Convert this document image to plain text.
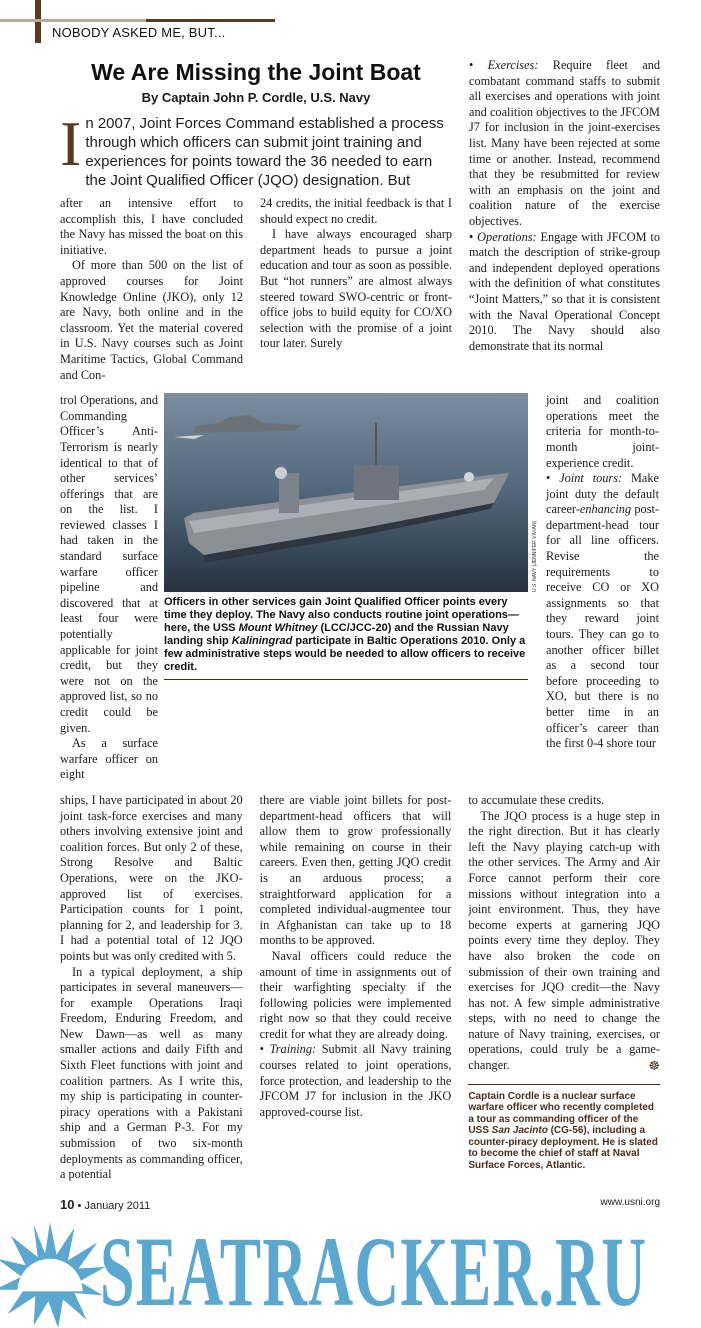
NOBODY ASKED ME, BUT...
We Are Missing the Joint Boat
By Captain John P. Cordle, U.S. Navy

In 2007, Joint Forces Command established a process through which officers can submit joint training and experiences for points toward the 36 needed to earn the Joint Qualified Officer (JQO) designation. But

after an intensive effort to accomplish this, I have concluded the Navy has missed the boat on this initiative.

Of more than 500 on the list of approved courses for Joint Knowledge Online (JKO), only 12 are Navy, both online and in the classroom. Yet the material covered in U.S. Navy courses such as Joint Maritime Tactics, Global Command and Con-

24 credits, the initial feedback is that I should expect no credit.

I have always encouraged sharp department heads to pursue a joint education and tour as soon as possible. But “hot runners” are almost always steered toward SWO-centric or front-office jobs to build equity for CO/XO selection with the promise of a joint tour later. Surely

• Exercises: Require fleet and combatant command staffs to submit all exercises and operations with joint and coalition objectives to the JFCOM J7 for inclusion in the joint-exercises list. Many have been rejected at some time or another. Instead, recommend that they be resubmitted for review with an emphasis on the joint and coalition nature of the exercise objectives.

• Operations: Engage with JFCOM to match the description of strike-group and independent deployed operations with the definition of what constitutes “Joint Matters,” so that it is consistent with the Naval Operational Concept 2010. The Navy should also demonstrate that its normal

trol Operations, and Commanding Officer’s Anti-Terrorism is nearly identical to that of other services’ offerings that are on the list. I reviewed classes I had taken in the standard surface warfare officer pipeline and discovered that at least four were potentially applicable for joint credit, but they were not on the approved list, so no credit could be given.

As a surface warfare officer on eight

Officers in other services gain Joint Qualified Officer points every time they deploy. The Navy also conducts routine joint operations—here, the USS Mount Whitney (LCC/JCC-20) and the Russian Navy landing ship Kaliningrad participate in Baltic Operations 2010. Only a few administrative steps would be needed to allow officers to receive credit.
U.S. NAVY (JENNIFER VIVIAN)

joint and coalition operations meet the criteria for month-to-month joint-experience credit.

• Joint tours: Make joint duty the default career-enhancing post-department-head tour for all line officers. Revise the requirements to receive CO or XO assignments so that they reward joint tours. They can go to another officer billet as a second tour before proceeding to XO, but there is no better time in an officer’s career than the first 0-4 shore tour

ships, I have participated in about 20 joint task-force exercises and many others involving extensive joint and coalition forces. But only 2 of these, Strong Resolve and Baltic Operations, were on the JKO-approved list of exercises. Participation counts for 1 point, planning for 2, and leadership for 3. I had a potential total of 12 JQO points but was only credited with 5.

In a typical deployment, a ship participates in several maneuvers—for example Operations Iraqi Freedom, Enduring Freedom, and New Dawn—as well as many smaller actions and daily Fifth and Sixth Fleet functions with joint and coalition partners. As I write this, my ship is participating in counter-piracy operations with a Pakistani ship and a German P-3. For my submission of two six-month deployments as commanding officer, a potential

there are viable joint billets for post-department-head officers that will allow them to grow professionally while remaining on course in their careers. Even then, getting JQO credit is an arduous process; a straightforward application for a completed individual-augmentee tour in Afghanistan can take up to 18 months to be approved.

Naval officers could reduce the amount of time in assignments out of their warfighting specialty if the following policies were implemented right now so that they could receive credit for what they are already doing.

• Training: Submit all Navy training courses related to joint operations, force protection, and leadership to the JFCOM J7 for inclusion in the JKO approved-course list.

to accumulate these credits.

The JQO process is a huge step in the right direction. But it has clearly left the Navy playing catch-up with the other services. The Army and Air Force cannot perform their core missions without integration into a joint environment. Thus, they have become experts at garnering JQO points every time they deploy. They have also broken the code on submission of their own training and exercises for JQO credit—the Navy has not. A few simple administrative steps, with no need to change the nature of Navy training, exercises, or operations, could truly be a game-changer.	☸

Captain Cordle is a nuclear surface warfare officer who recently completed a tour as commanding officer of the USS San Jacinto (CG-56), including a counter-piracy deployment. He is slated to become the chief of staff at Naval Surface Forces, Atlantic.
10 • January 2011	www.usni.org
SEATRACKER.RU
